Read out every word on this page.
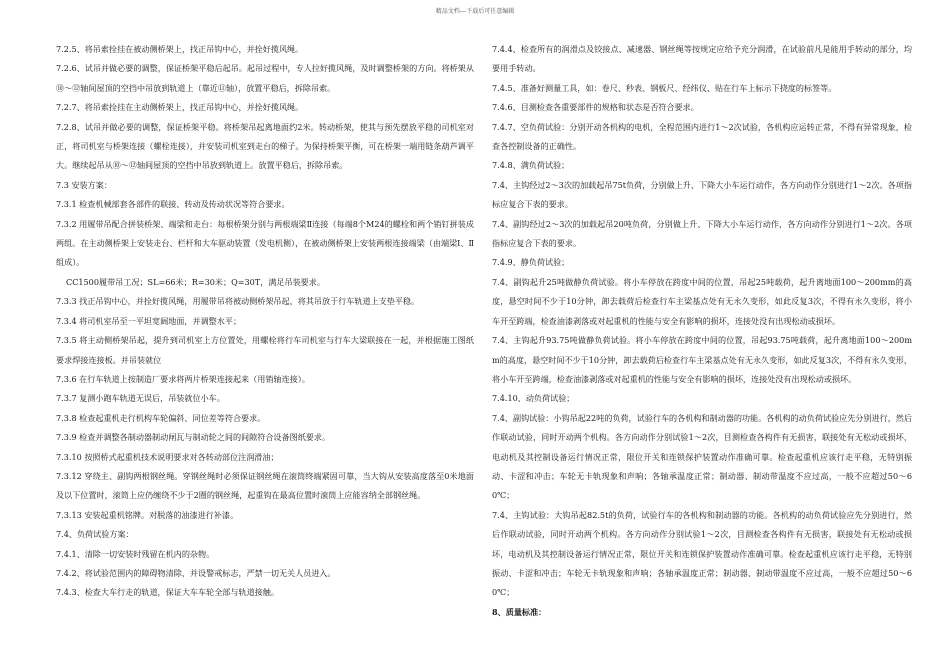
精品文档---下载后可任意编辑

7.2.5、将吊索拴挂在被动侧桥架上，找正吊钩中心，并拴好揽风绳。

7.2.6、试吊并做必要的调整，保证桥架平稳后起吊。起吊过程中，专人拉好揽风绳，及时调整桥架的方向。将桥架从⑩～⑫轴间屋顶的空挡中吊放到轨道上（靠近⑪轴），放置平稳后，拆除吊索。

7.2.7、将吊索拴挂在主动侧桥架上，找正吊钩中心，并拴好揽风绳。

7.2.8、试吊并做必要的调整，保证桥架平稳。将桥架吊起离地面约2米。转动桥架，使其与预先摆放平稳的司机室对正，将司机室与桥架连接（螺栓连接），并安装司机室到走台的梯子。为保持桥架平衡，可在桥架一端用链条葫芦调平大。继续起吊从⑩～⑫轴间屋顶的空挡中吊放到轨道上。放置平稳后，拆除吊索。

7.3 安装方案：

7.3.1 检查机械部套各部件的联接、转动及传动状况等符合要求。

7.3.2 用履带吊配合拼装桥架、端梁和走台：每根桥架分别与两根端梁Ⅱ连接（每端8个M24的螺栓和两个销钉拼装成两组。在主动侧桥架上安装走台、栏杆和大车驱动装置（发电机侧），在被动侧桥架上安装两根连接端梁（由端梁Ⅰ、Ⅱ组成）。

CC1500履带吊工况；SL=66米；R=30米；Q=30T，满足吊装要求。

7.3.3 找正吊钩中心，并拴好揽风绳，用履带吊将被动侧桥架吊起，将其吊放于行车轨道上支垫平稳。

7.3.4 将司机室吊至一平坦宽阔地面，并调整水平；

7.3.5 将主动侧桥架吊起，提升到司机室上方位置处，用螺栓将行车司机室与行车大梁联接在一起，并根据施工图纸要求焊接连接板。并吊装就位

7.3.6 在行车轨道上按制造厂要求将两片桥架连接起来（用销轴连接）。

7.3.7 复测小跑车轨道无误后，吊装就位小车。

7.3.8 检查起重机走行机构车轮偏斜、同位差等符合要求。

7.3.9 检查并调整各制动器制动闸瓦与制动轮之间的间隙符合设备图纸要求。

7.3.10 按照桥式起重机技术说明要求对各转动部位注润滑油；

7.3.12 穿绕主、副钩两根钢丝绳。穿钢丝绳时必须保证钢丝绳在滚筒终端紧固可靠，当大钩从安装高度落至0米地面及以下位置时，滚筒上应仍缠绕不少于2圈的钢丝绳，起重钩在最高位置时滚筒上应能容纳全部钢丝绳。

7.3.13 安装起重机铭牌。对脱落的油漆进行补漆。

7.4、负荷试验方案：

7.4.1、清除一切安装时残留在机内的杂物。

7.4.2、将试验范围内的障碍物清除，并设警戒标志，严禁一切无关人员进入。

7.4.3、检查大车行走的轨道，保证大车车轮全部与轨道接触。

7.4.4、检查所有的润滑点及铰接点、减速器、钢丝绳等按规定应给予充分润滑，在试验前凡是能用手转动的部分，均要用手转动。

7.4.5、准备好测量工具，如：卷尺、秒表、钢板尺、经纬仪、贴在行车上标示下挠度的标签等。

7.4.6、目测检查各重要部件的规格和状态是否符合要求。

7.4.7、空负荷试验：分别开动各机构的电机，全程范围内进行1～2次试验，各机构应运转正常，不得有异常现象，检查各控制设备的正确性。

7.4.8、满负荷试验；

7.4、主钩经过2～3次的加载起吊75t负荷，分别做上升、下降大小车运行动作，各方向动作分别进行1～2次。各项指标应复合下表的要求。

7.4、副钩经过2～3次的加载起吊20吨负荷，分别做上升、下降大小车运行动作，各方向动作分别进行1～2次。各项指标应复合下表的要求。

7.4.9、静负荷试验；

7.4、副钩起升25吨做静负荷试验。将小车停放在跨度中间的位置，吊起25吨载荷，起升离地面100～200mm的高度，悬空时间不少于10分钟，卸去载荷后检查行车主梁基点处有无永久变形，如此反复3次，不得有永久变形，将小车开至跨端，检查油漆剥落或对起重机的性能与安全有影响的损坏，连接处没有出现松动或损坏。

7.4、主钩起升93.75吨做静负荷试验。将小车停放在跨度中间的位置，吊起93.75吨载荷，起升离地面100～200mm的高度，悬空时间不少于10分钟，卸去载荷后检查行车主梁基点处有无永久变形，如此反复3次，不得有永久变形，将小车开至跨端，检查油漆剥落或对起重机的性能与安全有影响的损坏，连接处没有出现松动或损坏。

7.4.10、动负荷试验；

7.4、副钩试验：小钩吊起22吨的负荷，试验行车的各机构和制动器的功能。各机构的动负荷试验应先分别进行，然后作联动试验，同时开动两个机构。各方向动作分别试验1～2次，目测检查各构件有无损害，联接处有无松动或损坏，电动机及其控制设备运行情况正常，限位开关和连锁保护装置动作准确可靠。检查起重机应该行走平稳，无特别振动、卡涩和冲击；车轮无卡轨现象和声响；各轴承温度正常；制动器、制动带温度不应过高，一般不应超过50～60℃；

7.4、主钩试验：大钩吊起82.5t的负荷，试验行车的各机构和制动器的功能。各机构的动负荷试验应先分别进行，然后作联动试验，同时开动两个机构。各方向动作分别试验1～2次，目测检查各构件有无损害，联接处有无松动或损坏，电动机及其控制设备运行情况正常，限位开关和连锁保护装置动作准确可靠。检查起重机应该行走平稳，无特别振动、卡涩和冲击；车轮无卡轨现象和声响；各轴承温度正常；制动器、制动带温度不应过高，一般不应超过50～60℃；

8、质量标准：
